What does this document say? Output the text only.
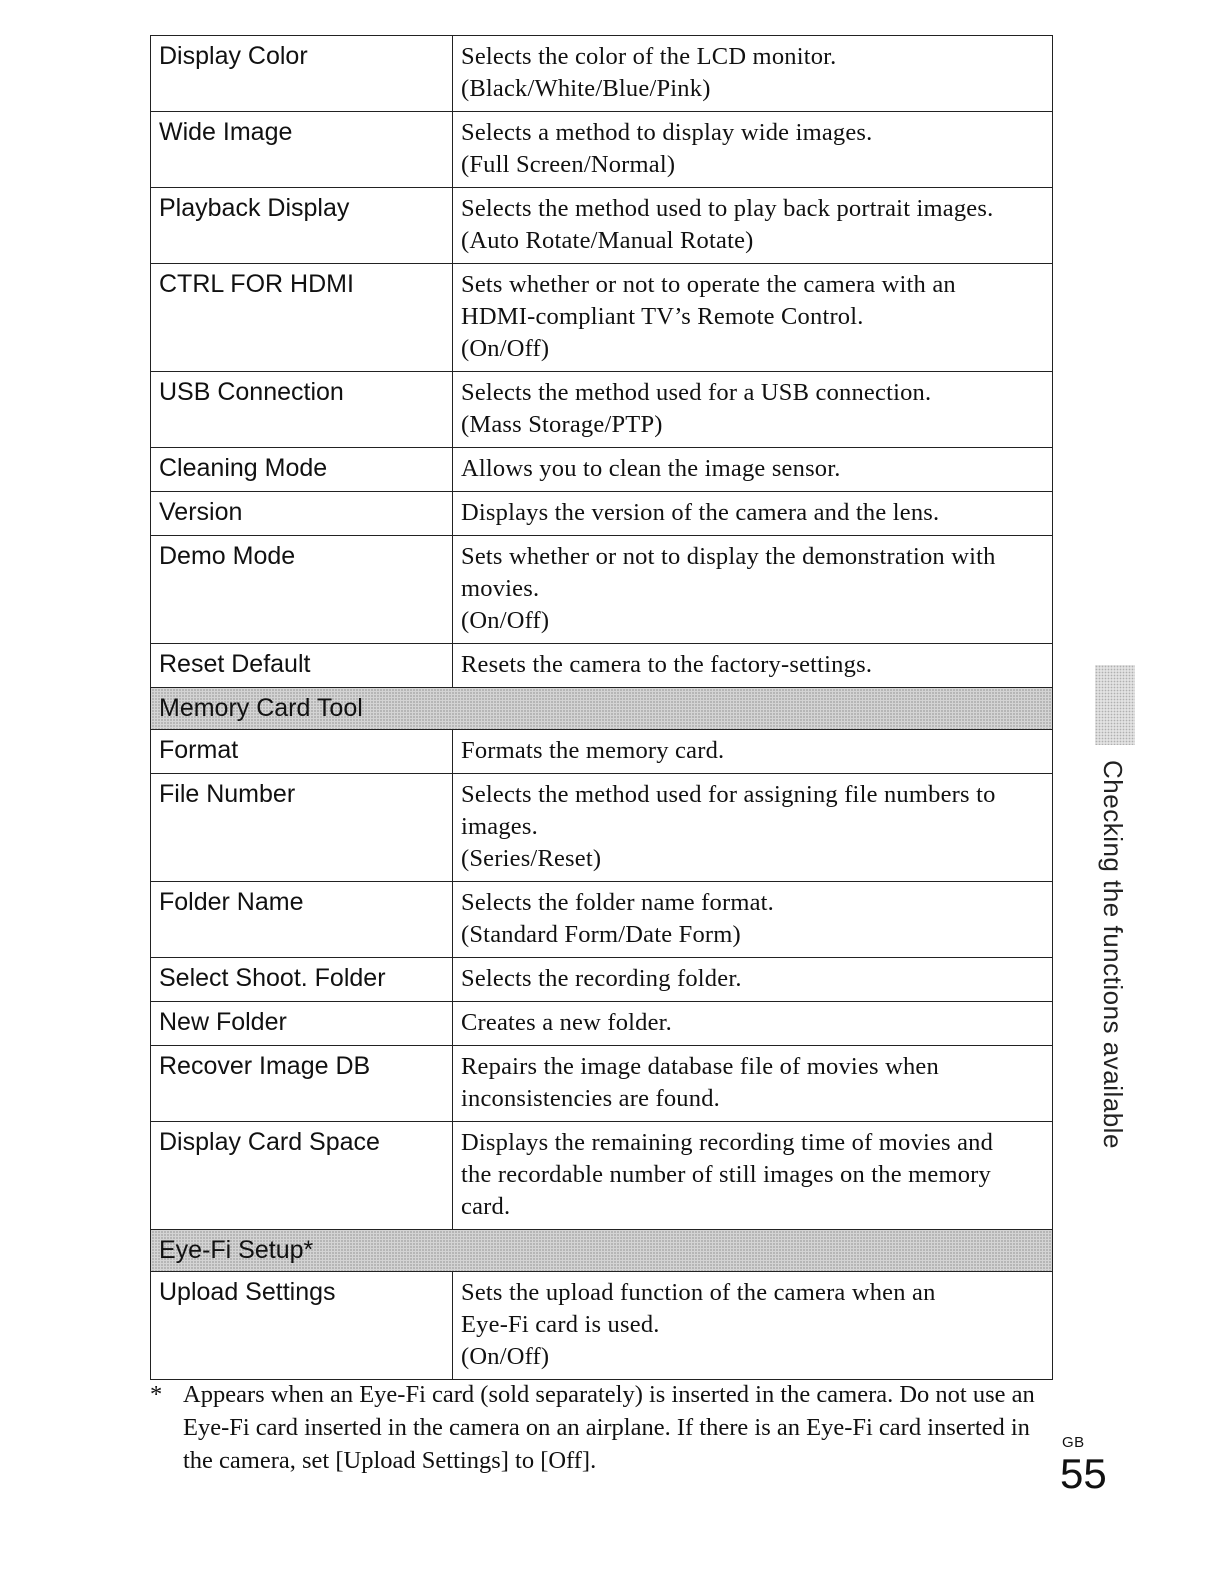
Display Color	Selects the color of the LCD monitor.
(Black/White/Blue/Pink)

Wide Image	Selects a method to display wide images.
(Full Screen/Normal)

Playback Display	Selects the method used to play back portrait images.
(Auto Rotate/Manual Rotate)

CTRL FOR HDMI	Sets whether or not to operate the camera with an
HDMI-compliant TV’s Remote Control.
(On/Off)

USB Connection	Selects the method used for a USB connection.
(Mass Storage/PTP)

Cleaning Mode	Allows you to clean the image sensor.

Version	Displays the version of the camera and the lens.

Demo Mode	Sets whether or not to display the demonstration with
movies.
(On/Off)

Reset Default	Resets the camera to the factory-settings.

Memory Card Tool	
Format	Formats the memory card.

File Number	Selects the method used for assigning file numbers to
images.
(Series/Reset)

Folder Name	Selects the folder name format.
(Standard Form/Date Form)

Select Shoot. Folder	Selects the recording folder.

New Folder	Creates a new folder.

Recover Image DB	Repairs the image database file of movies when
inconsistencies are found.

Display Card Space	Displays the remaining recording time of movies and
the recordable number of still images on the memory
card.

Eye-Fi Setup*	
Upload Settings	Sets the upload function of the camera when an
Eye-Fi card is used.
(On/Off)
Checking the functions available
* Appears when an Eye-Fi card (sold separately) is inserted in the camera. Do not use an Eye-Fi card inserted in the camera on an airplane. If there is an Eye-Fi card inserted in the camera, set [Upload Settings] to [Off].
GB
55
